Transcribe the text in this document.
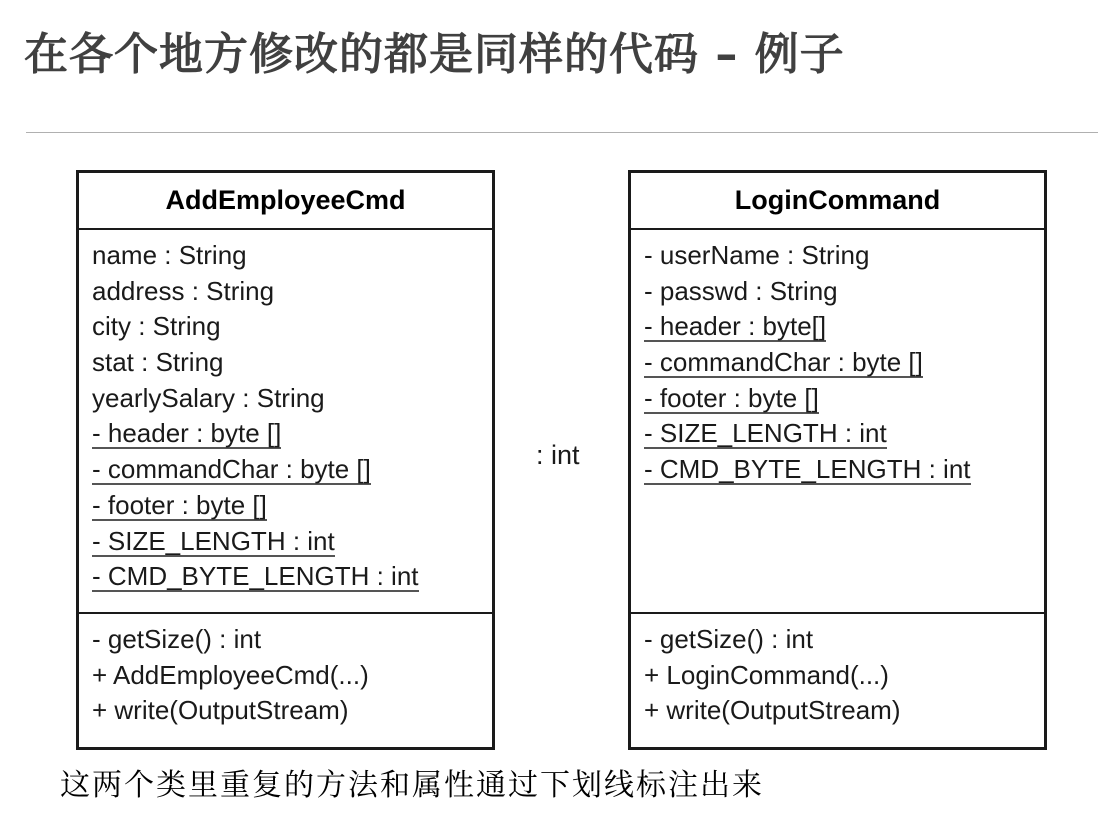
在各个地方修改的都是同样的代码 – 例子
AddEmployeeCmd
name : String
address : String
city : String
stat : String
yearlySalary : String
- header : byte []
- commandChar : byte []
- footer : byte []
- SIZE_LENGTH : int
- CMD_BYTE_LENGTH : int
- getSize() : int
+ AddEmployeeCmd(...)
+ write(OutputStream)
: int
LoginCommand
- userName : String
- passwd : String
- header : byte[]
- commandChar : byte []
- footer : byte []
- SIZE_LENGTH : int
- CMD_BYTE_LENGTH : int
- getSize() : int
+ LoginCommand(...)
+ write(OutputStream)
这两个类里重复的方法和属性通过下划线标注出来
